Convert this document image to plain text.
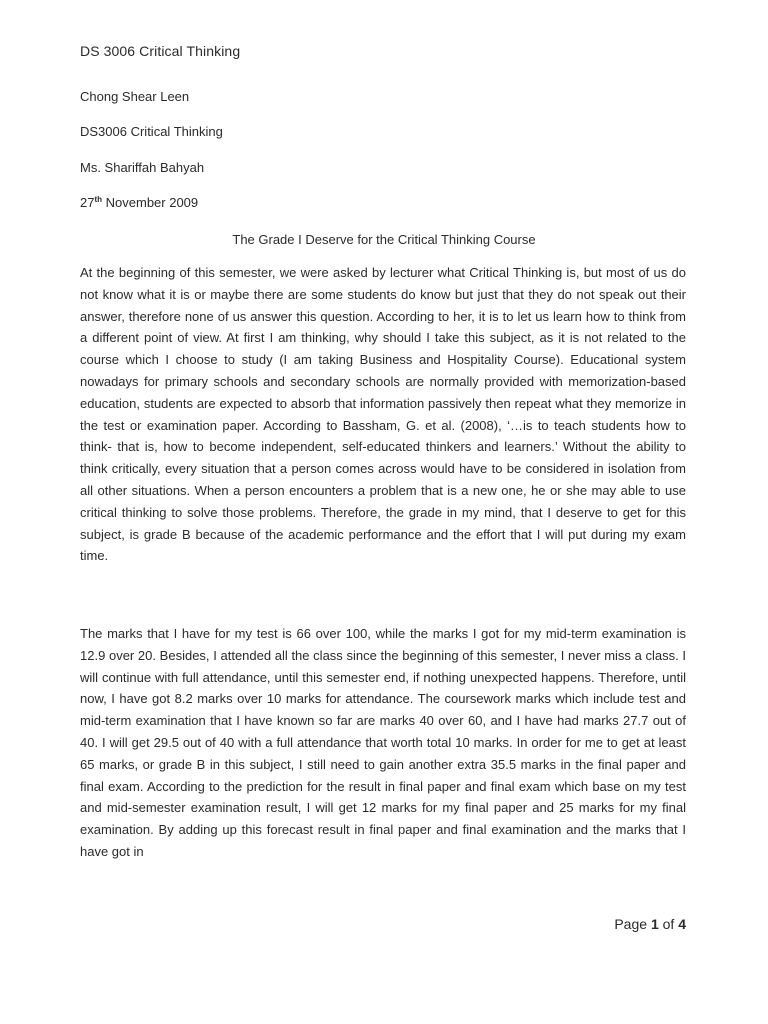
DS 3006 Critical Thinking
Chong Shear Leen
DS3006 Critical Thinking
Ms. Shariffah Bahyah
27th November 2009
The Grade I Deserve for the Critical Thinking Course

At the beginning of this semester, we were asked by lecturer what Critical Thinking is, but most of us do not know what it is or maybe there are some students do know but just that they do not speak out their answer, therefore none of us answer this question. According to her, it is to let us learn how to think from a different point of view. At first I am thinking, why should I take this subject, as it is not related to the course which I choose to study (I am taking Business and Hospitality Course). Educational system nowadays for primary schools and secondary schools are normally provided with memorization-based education, students are expected to absorb that information passively then repeat what they memorize in the test or examination paper. According to Bassham, G. et al. (2008), ‘…is to teach students how to think- that is, how to become independent, self-educated thinkers and learners.’ Without the ability to think critically, every situation that a person comes across would have to be considered in isolation from all other situations. When a person encounters a problem that is a new one, he or she may able to use critical thinking to solve those problems. Therefore, the grade in my mind, that I deserve to get for this subject, is grade B because of the academic performance and the effort that I will put during my exam time.

The marks that I have for my test is 66 over 100, while the marks I got for my mid-term examination is 12.9 over 20. Besides, I attended all the class since the beginning of this semester, I never miss a class. I will continue with full attendance, until this semester end, if nothing unexpected happens. Therefore, until now, I have got 8.2 marks over 10 marks for attendance. The coursework marks which include test and mid-term examination that I have known so far are marks 40 over 60, and I have had marks 27.7 out of 40. I will get 29.5 out of 40 with a full attendance that worth total 10 marks. In order for me to get at least 65 marks, or grade B in this subject, I still need to gain another extra 35.5 marks in the final paper and final exam. According to the prediction for the result in final paper and final exam which base on my test and mid-semester examination result, I will get 12 marks for my final paper and 25 marks for my final examination. By adding up this forecast result in final paper and final examination and the marks that I have got in

Page 1 of 4
